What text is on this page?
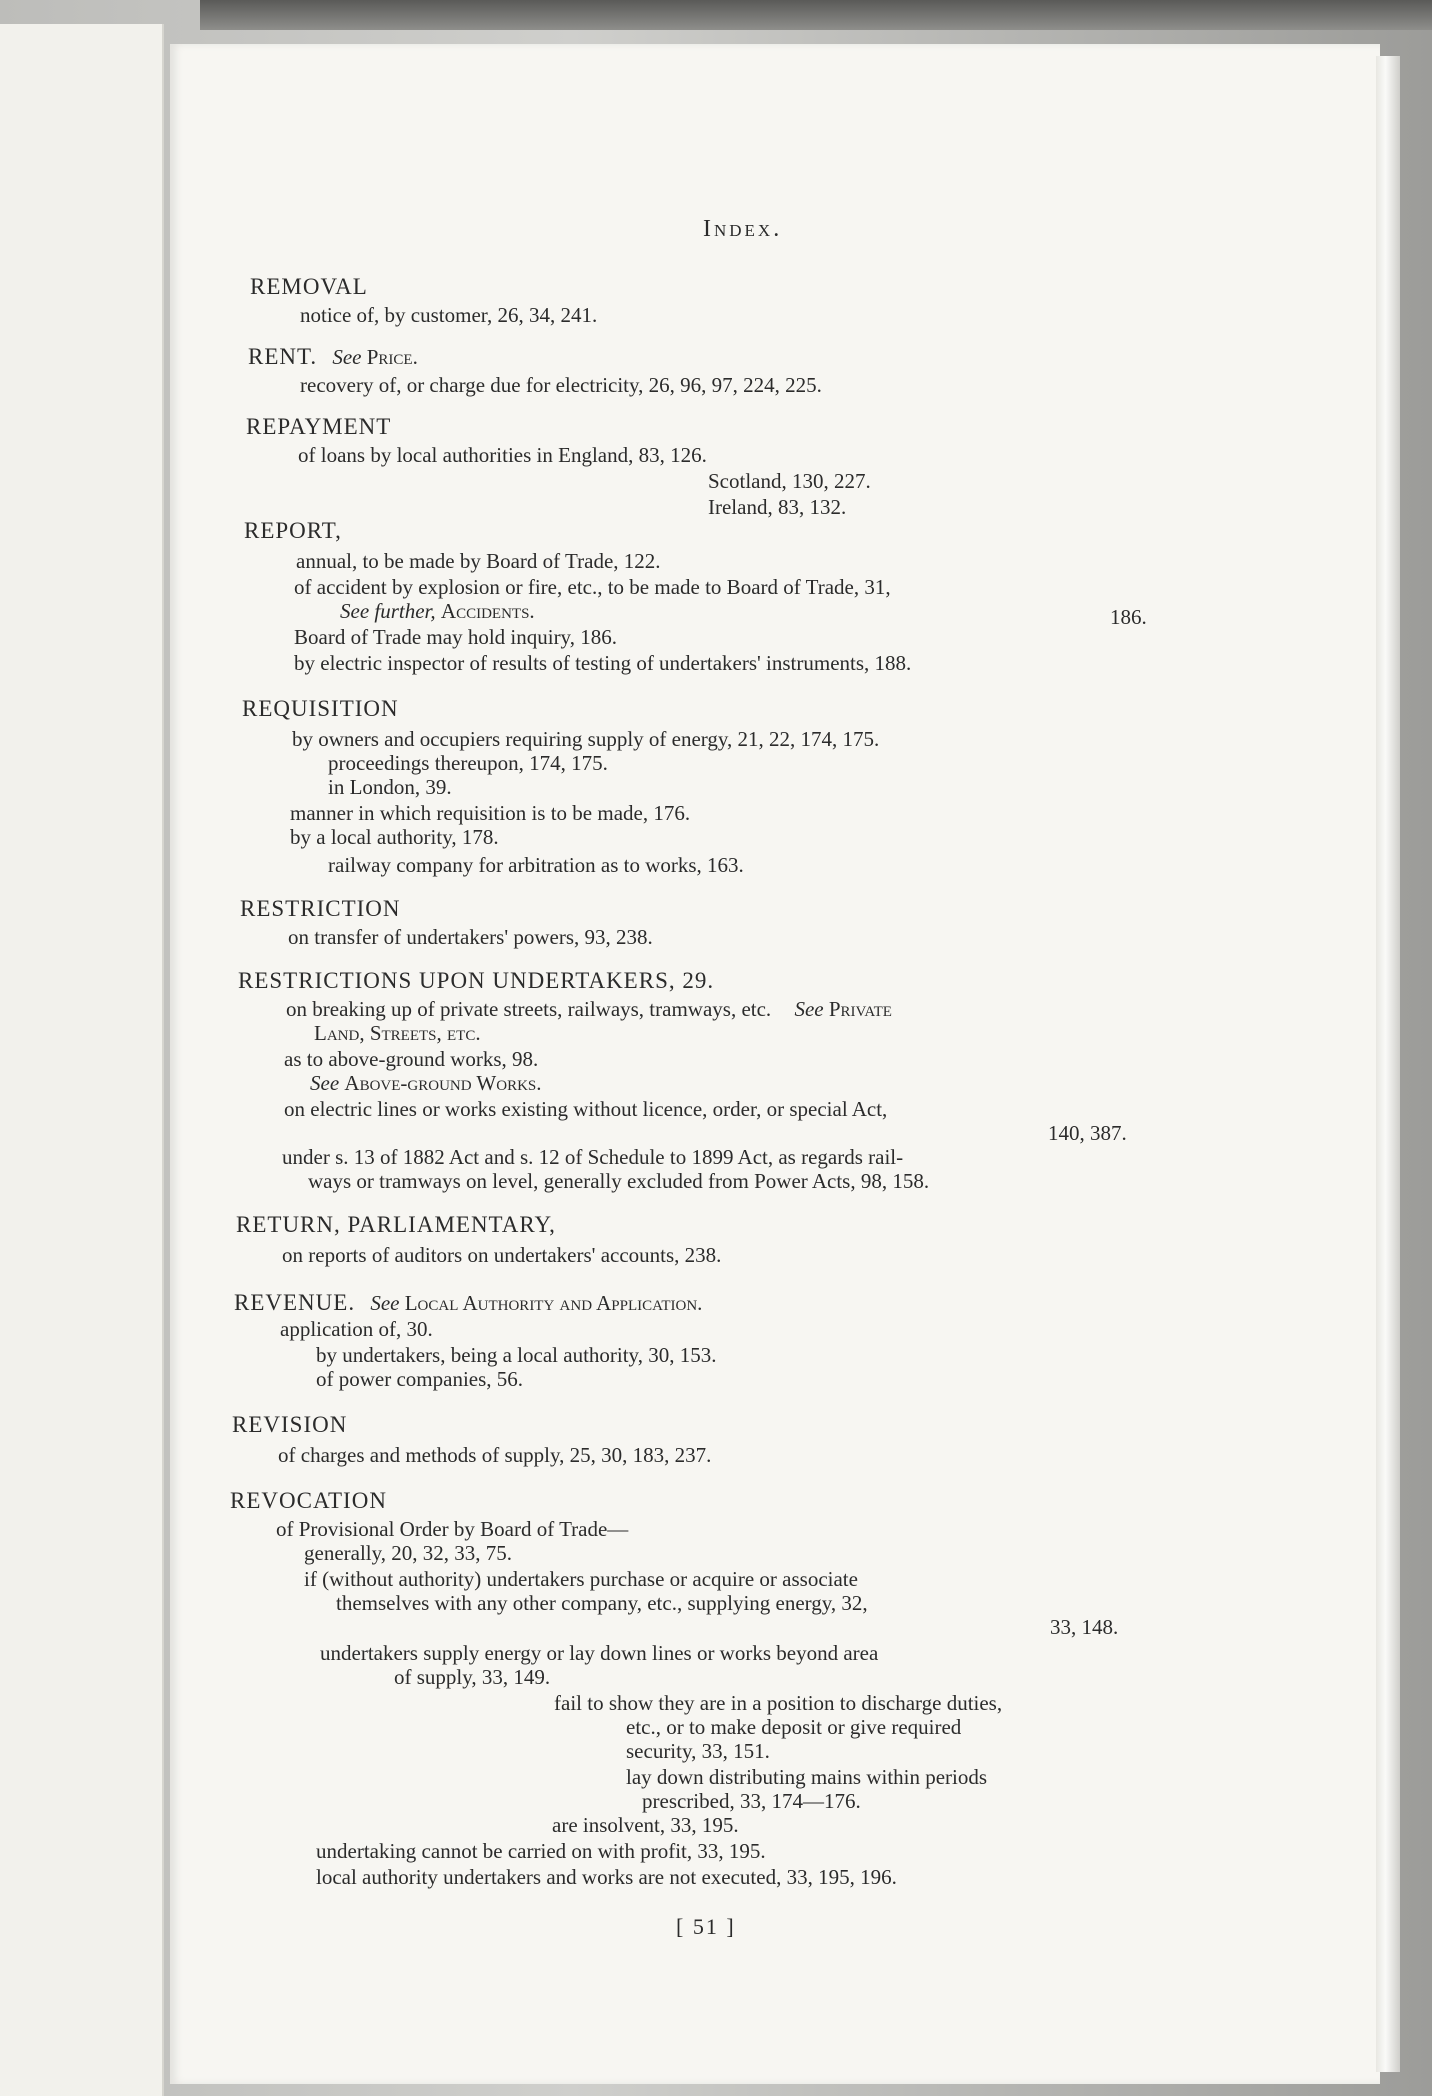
Index.
REMOVAL
notice of, by customer, 26, 34, 241.
RENT. See Price.
recovery of, or charge due for electricity, 26, 96, 97, 224, 225.
REPAYMENT
of loans by local authorities in England, 83, 126.
Scotland, 130, 227.
Ireland, 83, 132.
REPORT,
annual, to be made by Board of Trade, 122.
of accident by explosion or fire, etc., to be made to Board of Trade, 31,
See further, Accidents.	186.
Board of Trade may hold inquiry, 186.
by electric inspector of results of testing of undertakers' instruments, 188.
REQUISITION
by owners and occupiers requiring supply of energy, 21, 22, 174, 175.
proceedings thereupon, 174, 175.
in London, 39.
manner in which requisition is to be made, 176.
by a local authority, 178.
railway company for arbitration as to works, 163.
RESTRICTION
on transfer of undertakers' powers, 93, 238.
RESTRICTIONS UPON UNDERTAKERS, 29.
on breaking up of private streets, railways, tramways, etc. See Private
Land, Streets, etc.
as to above-ground works, 98.
See Above-ground Works.
on electric lines or works existing without licence, order, or special Act,
140, 387.
under s. 13 of 1882 Act and s. 12 of Schedule to 1899 Act, as regards rail-
ways or tramways on level, generally excluded from Power Acts, 98, 158.
RETURN, PARLIAMENTARY,
on reports of auditors on undertakers' accounts, 238.
REVENUE. See Local Authority and Application.
application of, 30.
by undertakers, being a local authority, 30, 153.
of power companies, 56.
REVISION
of charges and methods of supply, 25, 30, 183, 237.
REVOCATION
of Provisional Order by Board of Trade—
generally, 20, 32, 33, 75.
if (without authority) undertakers purchase or acquire or associate
themselves with any other company, etc., supplying energy, 32,
33, 148.
undertakers supply energy or lay down lines or works beyond area
of supply, 33, 149.
fail to show they are in a position to discharge duties,
etc., or to make deposit or give required
security, 33, 151.
lay down distributing mains within periods
prescribed, 33, 174—176.
are insolvent, 33, 195.
undertaking cannot be carried on with profit, 33, 195.
local authority undertakers and works are not executed, 33, 195, 196.
[ 51 ]
